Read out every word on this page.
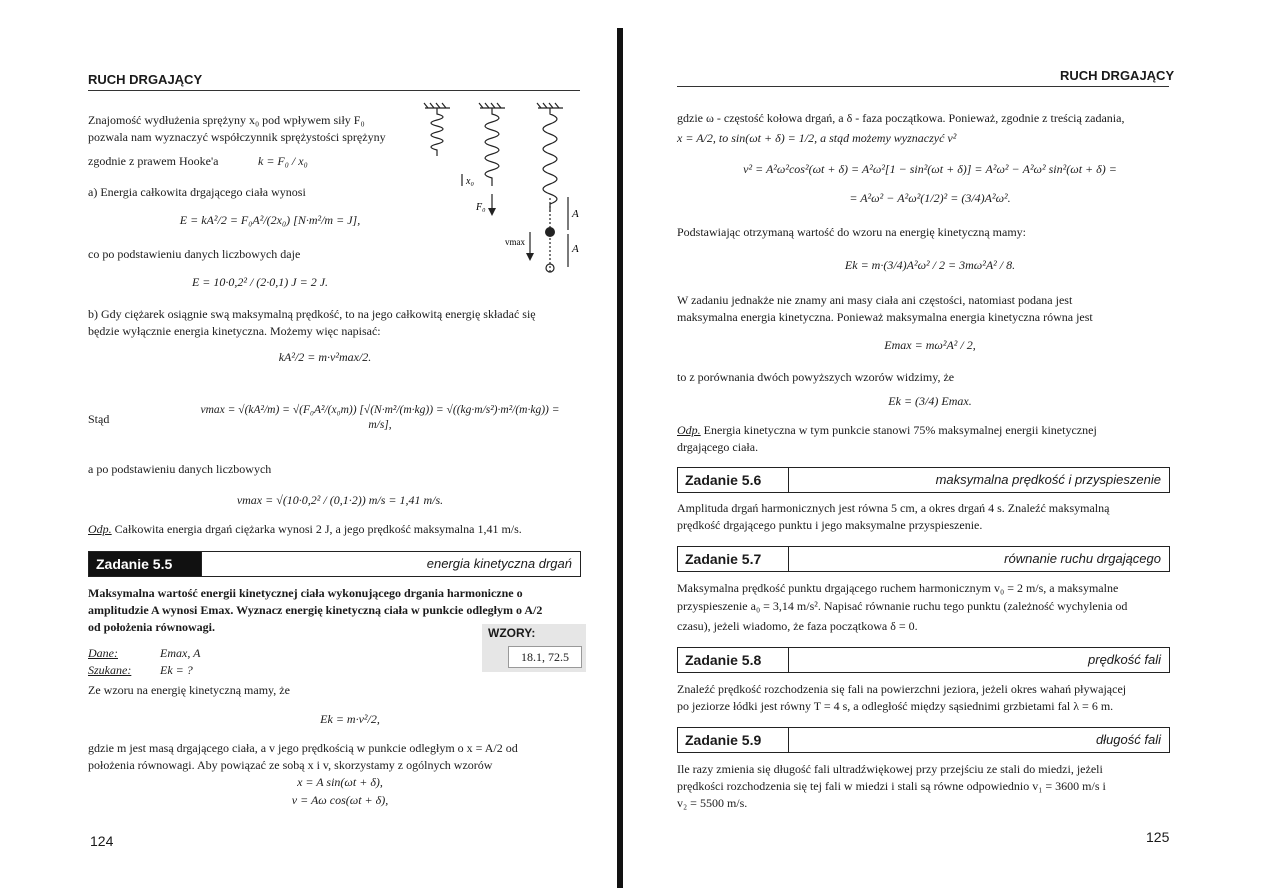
RUCH DRGAJĄCY
Znajomość wydłużenia sprężyny x₀ pod wpływem siły F₀
pozwala nam wyznaczyć współczynnik sprężystości sprężyny
zgodnie z prawem Hooke'a	k = F₀ / x₀
F₀
x₀
A
A
vmax
a) Energia całkowita drgającego ciała wynosi
E = kA²/2 = F₀A²/(2x₀) [N·m²/m = J],
co po podstawieniu danych liczbowych daje
E = 10·0,2² / (2·0,1) J = 2 J.
b) Gdy ciężarek osiągnie swą maksymalną prędkość, to na jego całkowitą energię składać się
będzie wyłącznie energia kinetyczna. Możemy więc napisać:
kA²/2 = m·v²max/2.
Stąd
vmax = √(kA²/m) = √(F₀A²/(x₀m)) [√(N·m²/(m·kg)) = √((kg·m/s²)·m²/(m·kg)) = m/s],
a po podstawieniu danych liczbowych
vmax = √(10·0,2² / (0,1·2)) m/s = 1,41 m/s.
Odp. Całkowita energia drgań ciężarka wynosi 2 J, a jego prędkość maksymalna 1,41 m/s.
Zadanie 5.5	energia kinetyczna drgań
Maksymalna wartość energii kinetycznej ciała wykonującego drgania harmoniczne o
amplitudzie A wynosi Emax. Wyznacz energię kinetyczną ciała w punkcie odległym o A/2
od położenia równowagi.	WZORY:
18.1, 72.5
Dane:	Emax, A
Szukane: Ek = ?
Ze wzoru na energię kinetyczną mamy, że
Ek = m·v²/2,
gdzie m jest masą drgającego ciała, a v jego prędkością w punkcie odległym o x = A/2 od
położenia równowagi. Aby powiązać ze sobą x i v, skorzystamy z ogólnych wzorów
x = A sin(ωt + δ),
v = Aω cos(ωt + δ),
124
RUCH DRGAJĄCY
gdzie ω - częstość kołowa drgań, a δ - faza początkowa. Ponieważ, zgodnie z treścią zadania,
x = A/2, to sin(ωt + δ) = 1/2, a stąd możemy wyznaczyć v²
v² = A²ω²cos²(ωt + δ) = A²ω²[1 − sin²(ωt + δ)] = A²ω² − A²ω² sin²(ωt + δ) =
= A²ω² − A²ω²(1/2)² = (3/4)A²ω².
Podstawiając otrzymaną wartość do wzoru na energię kinetyczną mamy:
Ek = m·(3/4)A²ω² / 2 = 3mω²A² / 8.
W zadaniu jednakże nie znamy ani masy ciała ani częstości, natomiast podana jest
maksymalna energia kinetyczna. Ponieważ maksymalna energia kinetyczna równa jest
Emax = mω²A² / 2,
to z porównania dwóch powyższych wzorów widzimy, że
Ek = (3/4) Emax.
Odp. Energia kinetyczna w tym punkcie stanowi 75% maksymalnej energii kinetycznej
drgającego ciała.
Zadanie 5.6	maksymalna prędkość i przyspieszenie
Amplituda drgań harmonicznych jest równa 5 cm, a okres drgań 4 s. Znaleźć maksymalną
prędkość drgającego punktu i jego maksymalne przyspieszenie.
Zadanie 5.7	równanie ruchu drgającego
Maksymalna prędkość punktu drgającego ruchem harmonicznym v₀ = 2 m/s, a maksymalne
przyspieszenie a₀ = 3,14 m/s². Napisać równanie ruchu tego punktu (zależność wychylenia od
czasu), jeżeli wiadomo, że faza początkowa δ = 0.
Zadanie 5.8	prędkość fali
Znaleźć prędkość rozchodzenia się fali na powierzchni jeziora, jeżeli okres wahań pływającej
po jeziorze łódki jest równy T = 4 s, a odległość między sąsiednimi grzbietami fal λ = 6 m.
Zadanie 5.9	długość fali
Ile razy zmienia się długość fali ultradźwiękowej przy przejściu ze stali do miedzi, jeżeli
prędkości rozchodzenia się tej fali w miedzi i stali są równe odpowiednio v₁ = 3600 m/s i
v₂ = 5500 m/s.
125
